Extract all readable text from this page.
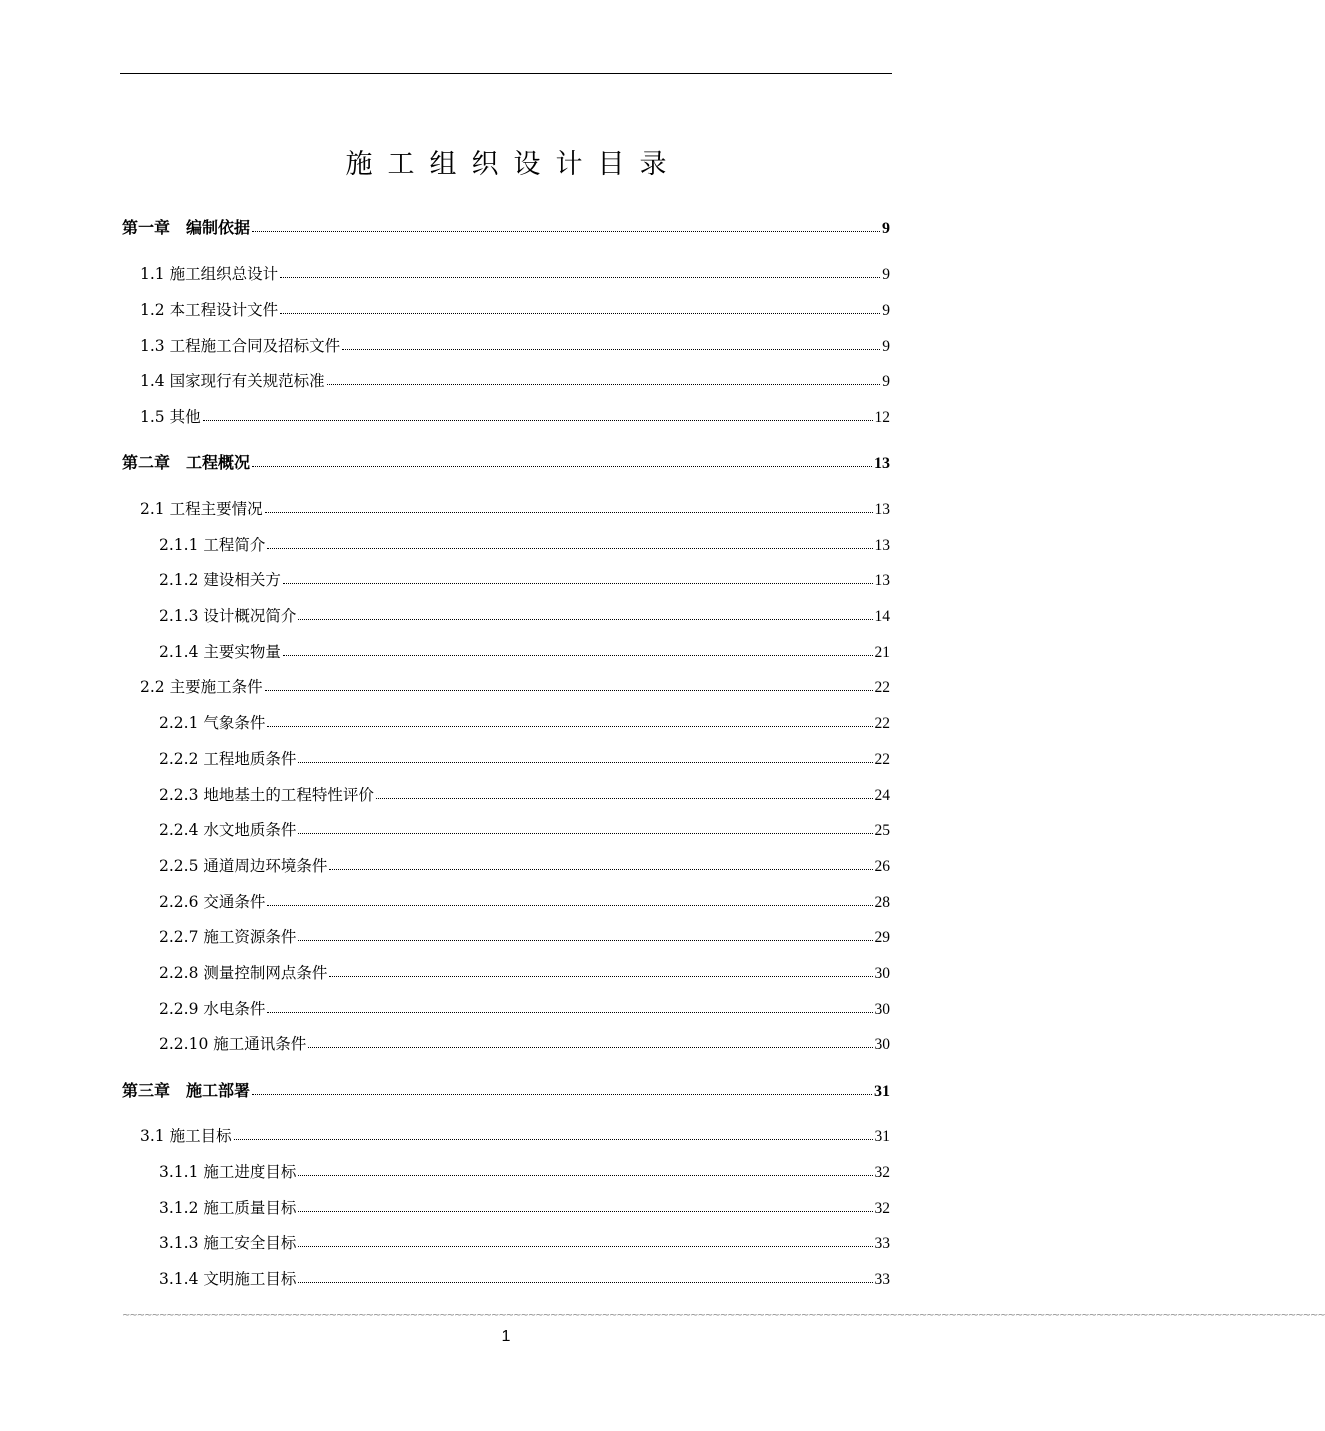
施工组织设计目录
第一章　编制依据	9
1.1 施工组织总设计	9
1.2 本工程设计文件	9
1.3 工程施工合同及招标文件	9
1.4 国家现行有关规范标准	9
1.5 其他	12
第二章　工程概况	13
2.1 工程主要情况	13
2.1.1 工程简介	13
2.1.2 建设相关方	13
2.1.3 设计概况简介	14
2.1.4 主要实物量	21
2.2 主要施工条件	22
2.2.1 气象条件	22
2.2.2 工程地质条件	22
2.2.3 地地基土的工程特性评价	24
2.2.4 水文地质条件	25
2.2.5 通道周边环境条件	26
2.2.6 交通条件	28
2.2.7 施工资源条件	29
2.2.8 测量控制网点条件	30
2.2.9 水电条件	30
2.2.10 施工通讯条件	30
第三章　施工部署	31
3.1 施工目标	31
3.1.1 施工进度目标	32
3.1.2 施工质量目标	32
3.1.3 施工安全目标	33
3.1.4 文明施工目标	33
~~~~~~~~~~~~~~~~~~~~~~~~~~~~~~~~~~~~~~~~~~~~~~~~~~~~~~~~~~~~~~~~~~~~~~~~~~~~~~~~~~~~~~~~~~~~~~~~~~~~~~~~~~~~~~~~~~~~~~~~~~~~~~~~~~~~~~~~~~~~~~~~~~~~~~~~~~~~~~~~~~~
1
